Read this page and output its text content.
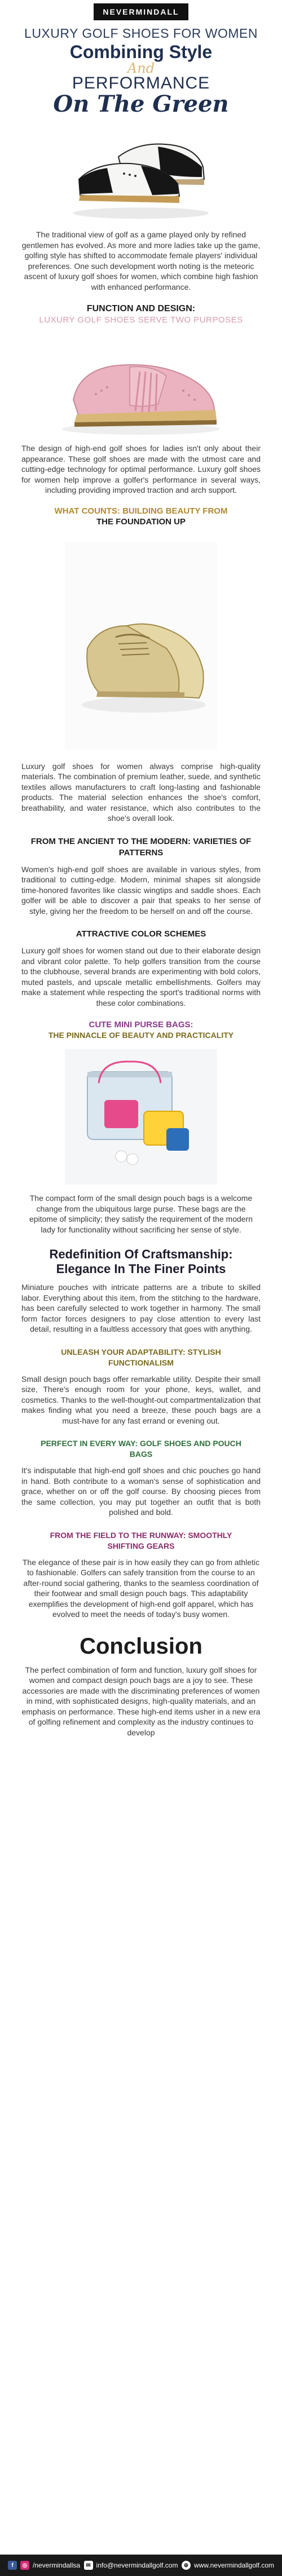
NEVERMINDALL
LUXURY GOLF SHOES FOR WOMEN
Combining Style
And
PERFORMANCE
On The Green

The traditional view of golf as a game played only by refined gentlemen has evolved. As more and more ladies take up the game, golfing style has shifted to accommodate female players' individual preferences. One such development worth noting is the meteoric ascent of luxury golf shoes for women, which combine high fashion with enhanced performance.

FUNCTION AND DESIGN:
LUXURY GOLF SHOES SERVE TWO PURPOSES

The design of high-end golf shoes for ladies isn't only about their appearance. These golf shoes are made with the utmost care and cutting-edge technology for optimal performance. Luxury golf shoes for women help improve a golfer's performance in several ways, including providing improved traction and arch support.

WHAT COUNTS: BUILDING BEAUTY FROM
THE FOUNDATION UP

Luxury golf shoes for women always comprise high-quality materials. The combination of premium leather, suede, and synthetic textiles allows manufacturers to craft long-lasting and fashionable products. The material selection enhances the shoe's comfort, breathability, and water resistance, which also contributes to the shoe's overall look.

FROM THE ANCIENT TO THE MODERN: VARIETIES OF PATTERNS

Women's high-end golf shoes are available in various styles, from traditional to cutting-edge. Modern, minimal shapes sit alongside time-honored favorites like classic wingtips and saddle shoes. Each golfer will be able to discover a pair that speaks to her sense of style, giving her the freedom to be herself on and off the course.

ATTRACTIVE COLOR SCHEMES

Luxury golf shoes for women stand out due to their elaborate design and vibrant color palette. To help golfers transition from the course to the clubhouse, several brands are experimenting with bold colors, muted pastels, and upscale metallic embellishments. Golfers may make a statement while respecting the sport's traditional norms with these color combinations.

CUTE MINI PURSE BAGS:
THE PINNACLE OF BEAUTY AND PRACTICALITY

The compact form of the small design pouch bags is a welcome change from the ubiquitous large purse. These bags are the epitome of simplicity; they satisfy the requirement of the modern lady for functionality without sacrificing her sense of style.

Redefinition Of Craftsmanship: Elegance In The Finer Points

Miniature pouches with intricate patterns are a tribute to skilled labor. Everything about this item, from the stitching to the hardware, has been carefully selected to work together in harmony. The small form factor forces designers to pay close attention to every last detail, resulting in a faultless accessory that goes with anything.

UNLEASH YOUR ADAPTABILITY: STYLISH FUNCTIONALISM

Small design pouch bags offer remarkable utility. Despite their small size, There's enough room for your phone, keys, wallet, and cosmetics. Thanks to the well-thought-out compartmentalization that makes finding what you need a breeze, these pouch bags are a must-have for any fast errand or evening out.

PERFECT IN EVERY WAY: GOLF SHOES AND POUCH BAGS

It's indisputable that high-end golf shoes and chic pouches go hand in hand. Both contribute to a woman's sense of sophistication and grace, whether on or off the golf course. By choosing pieces from the same collection, you may put together an outfit that is both polished and bold.

FROM THE FIELD TO THE RUNWAY: SMOOTHLY SHIFTING GEARS

The elegance of these pair is in how easily they can go from athletic to fashionable. Golfers can safely transition from the course to an after-round social gathering, thanks to the seamless coordination of their footwear and small design pouch bags. This adaptability exemplifies the development of high-end golf apparel, which has evolved to meet the needs of today's busy women.

Conclusion

The perfect combination of form and function, luxury golf shoes for women and compact design pouch bags are a joy to see. These accessories are made with the discriminating preferences of women in mind, with sophisticated designs, high-quality materials, and an emphasis on performance. These high-end items usher in a new era of golfing refinement and complexity as the industry continues to develop

f	◎ /nevermindallsa	✉ info@nevermindallgolf.com	⊕ www.nevermindallgolf.com
